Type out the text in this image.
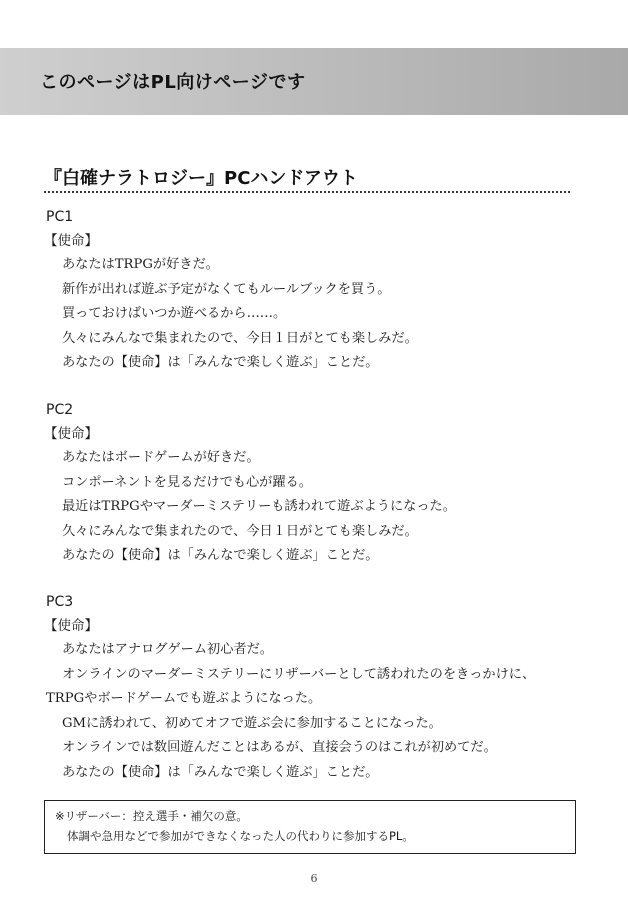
このページはPL向けページです
『白確ナラトロジー』PCハンドアウト
PC1
【使命】
あなたはTRPGが好きだ。
新作が出れば遊ぶ予定がなくてもルールブックを買う。
買っておけばいつか遊べるから……。
久々にみんなで集まれたので、今日１日がとても楽しみだ。
あなたの【使命】は「みんなで楽しく遊ぶ」ことだ。
PC2
【使命】
あなたはボードゲームが好きだ。
コンポーネントを見るだけでも心が躍る。
最近はTRPGやマーダーミステリーも誘われて遊ぶようになった。
久々にみんなで集まれたので、今日１日がとても楽しみだ。
あなたの【使命】は「みんなで楽しく遊ぶ」ことだ。
PC3
【使命】
あなたはアナログゲーム初心者だ。
オンラインのマーダーミステリーにリザーバーとして誘われたのをきっかけに、
TRPGやボードゲームでも遊ぶようになった。
GMに誘われて、初めてオフで遊ぶ会に参加することになった。
オンラインでは数回遊んだことはあるが、直接会うのはこれが初めてだ。
あなたの【使命】は「みんなで楽しく遊ぶ」ことだ。
※リザーバー：控え選手・補欠の意。
体調や急用などで参加ができなくなった人の代わりに参加するPL。
6
